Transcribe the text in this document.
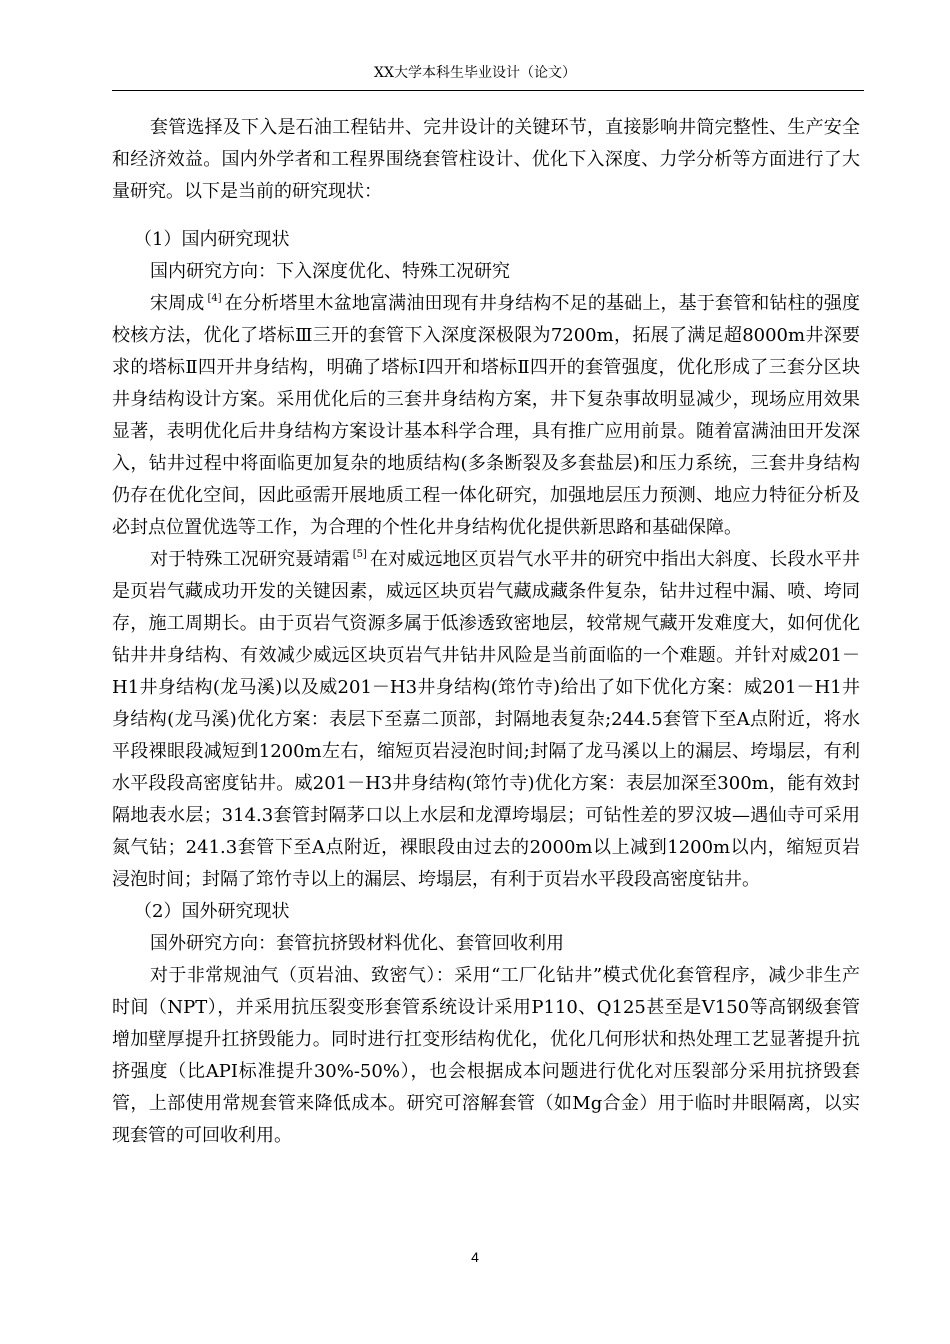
XX大学本科生毕业设计（论文）

套管选择及下入是石油工程钻井、完井设计的关键环节，直接影响井筒完整性、生产安全和经济效益。国内外学者和工程界围绕套管柱设计、优化下入深度、力学分析等方面进行了大量研究。以下是当前的研究现状：

（1）国内研究现状

国内研究方向：下入深度优化、特殊工况研究

宋周成 [4] 在分析塔里木盆地富满油田现有井身结构不足的基础上，基于套管和钻柱的强度校核方法，优化了塔标Ⅲ三开的套管下入深度深极限为7200m，拓展了满足超8000m井深要求的塔标Ⅱ四开井身结构，明确了塔标Ⅰ四开和塔标Ⅱ四开的套管强度，优化形成了三套分区块井身结构设计方案。采用优化后的三套井身结构方案，井下复杂事故明显减少，现场应用效果显著，表明优化后井身结构方案设计基本科学合理，具有推广应用前景。随着富满油田开发深入，钻井过程中将面临更加复杂的地质结构(多条断裂及多套盐层)和压力系统，三套井身结构仍存在优化空间，因此亟需开展地质工程一体化研究，加强地层压力预测、地应力特征分析及必封点位置优选等工作，为合理的个性化井身结构优化提供新思路和基础保障。

对于特殊工况研究聂靖霜 [5] 在对威远地区页岩气水平井的研究中指出大斜度、长段水平井是页岩气藏成功开发的关键因素，威远区块页岩气藏成藏条件复杂，钻井过程中漏、喷、垮同存，施工周期长。由于页岩气资源多属于低渗透致密地层，较常规气藏开发难度大，如何优化钻井井身结构、有效减少威远区块页岩气井钻井风险是当前面临的一个难题。并针对威201－H1井身结构(龙马溪)以及威201－H3井身结构(筇竹寺)给出了如下优化方案：威201－H1井身结构(龙马溪)优化方案：表层下至嘉二顶部，封隔地表复杂;244.5套管下至A点附近，将水平段裸眼段减短到1200m左右，缩短页岩浸泡时间;封隔了龙马溪以上的漏层、垮塌层，有利水平段段高密度钻井。威201－H3井身结构(筇竹寺)优化方案：表层加深至300m，能有效封隔地表水层；314.3套管封隔茅口以上水层和龙潭垮塌层；可钻性差的罗汉坡—遇仙寺可采用氮气钻；241.3套管下至A点附近，裸眼段由过去的2000m以上减到1200m以内，缩短页岩浸泡时间；封隔了筇竹寺以上的漏层、垮塌层，有利于页岩水平段段高密度钻井。

（2）国外研究现状

国外研究方向：套管抗挤毁材料优化、套管回收利用

对于非常规油气（页岩油、致密气）：采用“工厂化钻井”模式优化套管程序，减少非生产时间（NPT），并采用抗压裂变形套管系统设计采用P110、Q125甚至是V150等高钢级套管增加壁厚提升扛挤毁能力。同时进行扛变形结构优化，优化几何形状和热处理工艺显著提升抗挤强度（比API标准提升30%-50%），也会根据成本问题进行优化对压裂部分采用抗挤毁套管，上部使用常规套管来降低成本。研究可溶解套管（如Mg合金）用于临时井眼隔离，以实现套管的可回收利用。

4
